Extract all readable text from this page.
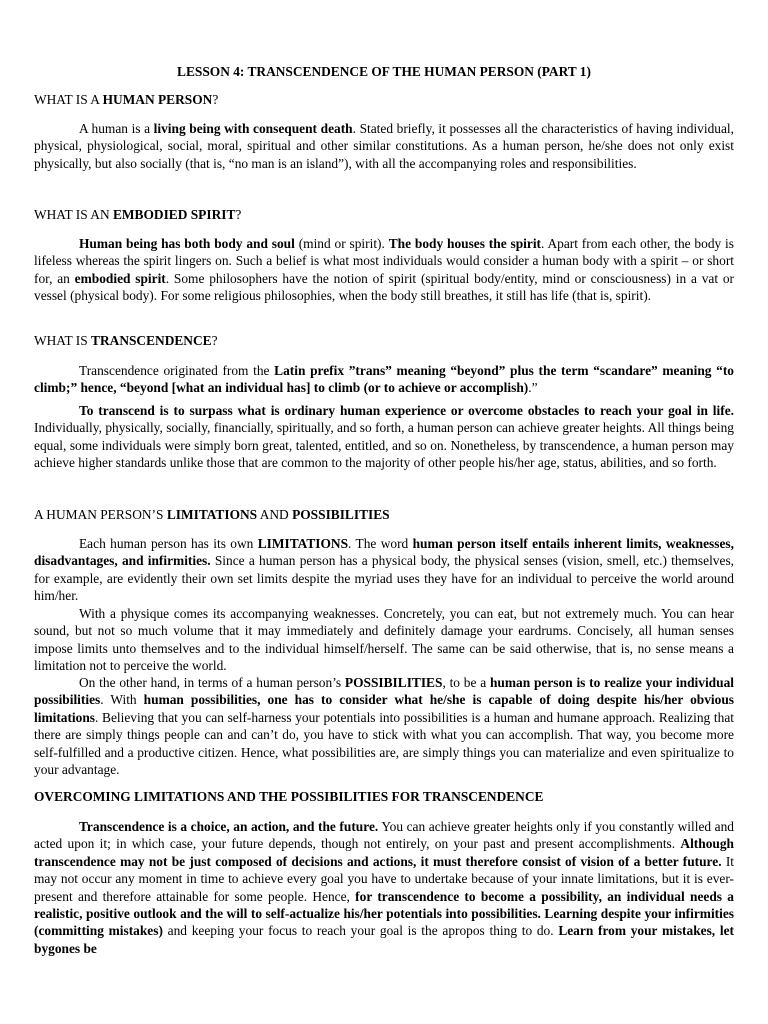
LESSON 4: TRANSCENDENCE OF THE HUMAN PERSON (PART 1)
WHAT IS A HUMAN PERSON?

A human is a living being with consequent death. Stated briefly, it possesses all the characteristics of having individual, physical, physiological, social, moral, spiritual and other similar constitutions. As a human person, he/she does not only exist physically, but also socially (that is, “no man is an island”), with all the accompanying roles and responsibilities.

WHAT IS AN EMBODIED SPIRIT?

Human being has both body and soul (mind or spirit). The body houses the spirit. Apart from each other, the body is lifeless whereas the spirit lingers on. Such a belief is what most individuals would consider a human body with a spirit – or short for, an embodied spirit. Some philosophers have the notion of spirit (spiritual body/entity, mind or consciousness) in a vat or vessel (physical body). For some religious philosophies, when the body still breathes, it still has life (that is, spirit).

WHAT IS TRANSCENDENCE?

Transcendence originated from the Latin prefix ”trans” meaning “beyond” plus the term “scandare” meaning “to climb;” hence, “beyond [what an individual has] to climb (or to achieve or accomplish).”

To transcend is to surpass what is ordinary human experience or overcome obstacles to reach your goal in life. Individually, physically, socially, financially, spiritually, and so forth, a human person can achieve greater heights. All things being equal, some individuals were simply born great, talented, entitled, and so on. Nonetheless, by transcendence, a human person may achieve higher standards unlike those that are common to the majority of other people his/her age, status, abilities, and so forth.

A HUMAN PERSON’S LIMITATIONS AND POSSIBILITIES

Each human person has its own LIMITATIONS. The word human person itself entails inherent limits, weaknesses, disadvantages, and infirmities. Since a human person has a physical body, the physical senses (vision, smell, etc.) themselves, for example, are evidently their own set limits despite the myriad uses they have for an individual to perceive the world around him/her.

With a physique comes its accompanying weaknesses. Concretely, you can eat, but not extremely much. You can hear sound, but not so much volume that it may immediately and definitely damage your eardrums. Concisely, all human senses impose limits unto themselves and to the individual himself/herself. The same can be said otherwise, that is, no sense means a limitation not to perceive the world.

On the other hand, in terms of a human person’s POSSIBILITIES, to be a human person is to realize your individual possibilities. With human possibilities, one has to consider what he/she is capable of doing despite his/her obvious limitations. Believing that you can self-harness your potentials into possibilities is a human and humane approach. Realizing that there are simply things people can and can’t do, you have to stick with what you can accomplish. That way, you become more self-fulfilled and a productive citizen. Hence, what possibilities are, are simply things you can materialize and even spiritualize to your advantage.

OVERCOMING LIMITATIONS AND THE POSSIBILITIES FOR TRANSCENDENCE

Transcendence is a choice, an action, and the future. You can achieve greater heights only if you constantly willed and acted upon it; in which case, your future depends, though not entirely, on your past and present accomplishments. Although transcendence may not be just composed of decisions and actions, it must therefore consist of vision of a better future. It may not occur any moment in time to achieve every goal you have to undertake because of your innate limitations, but it is ever-present and therefore attainable for some people. Hence, for transcendence to become a possibility, an individual needs a realistic, positive outlook and the will to self-actualize his/her potentials into possibilities. Learning despite your infirmities (committing mistakes) and keeping your focus to reach your goal is the apropos thing to do. Learn from your mistakes, let bygones be
